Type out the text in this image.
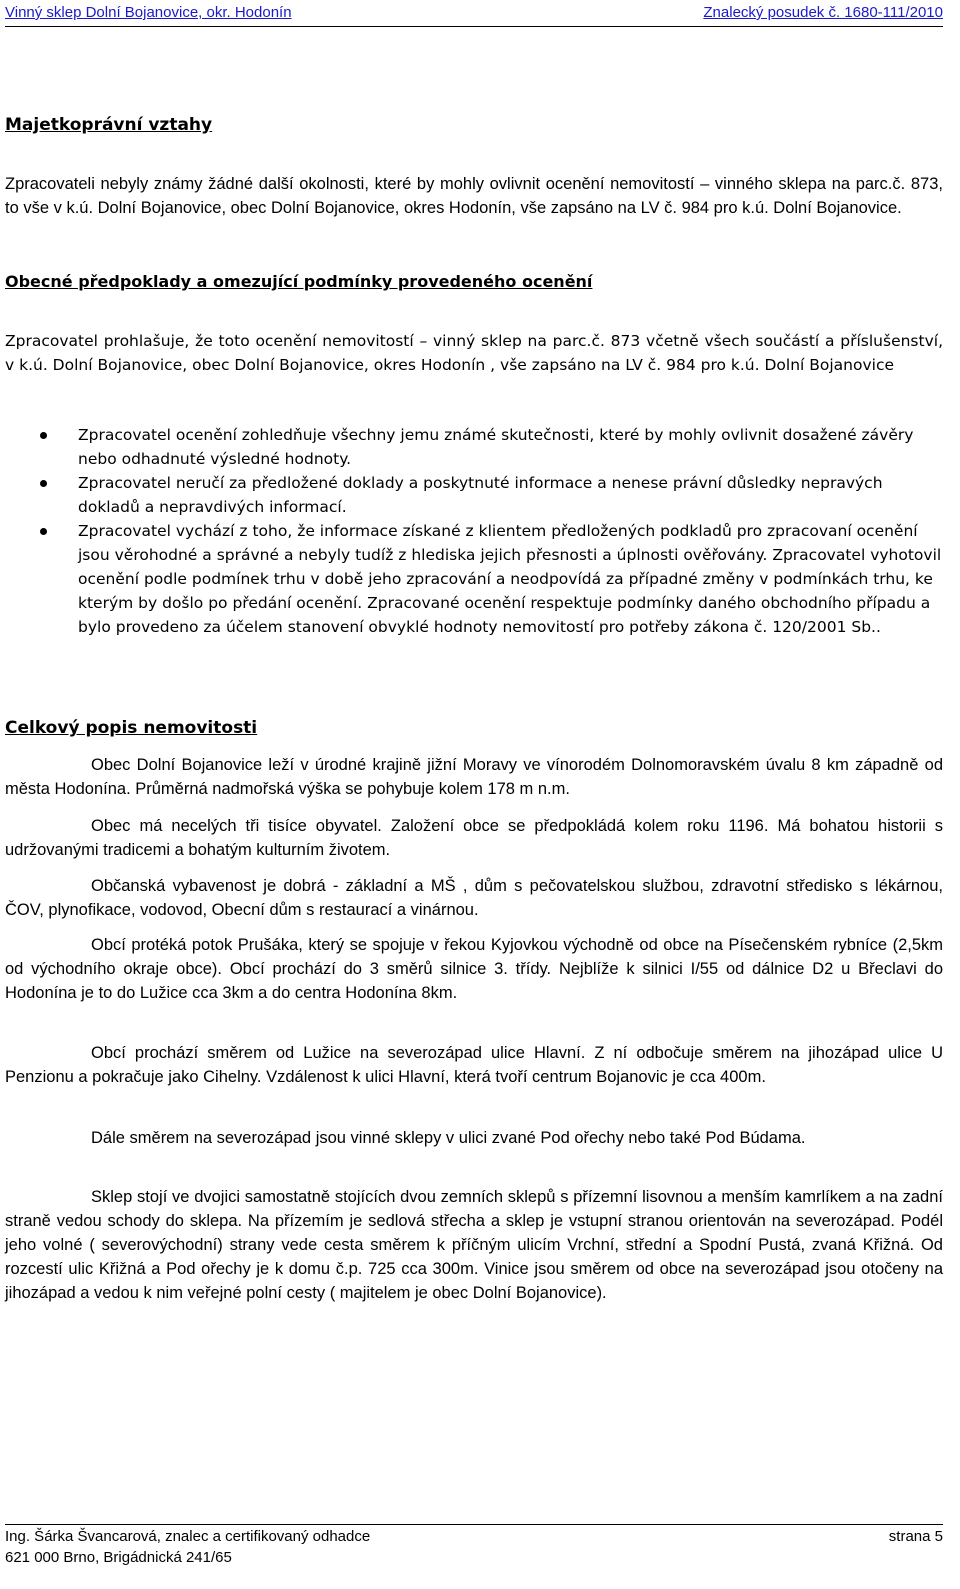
Vinný sklep Dolní Bojanovice, okr. Hodonín	Znalecký posudek č. 1680-111/2010
Majetkoprávní vztahy
Zpracovateli nebyly známy žádné další okolnosti, které by mohly ovlivnit ocenění nemovitostí – vinného sklepa na parc.č. 873, to vše v k.ú. Dolní Bojanovice, obec Dolní Bojanovice, okres Hodonín, vše zapsáno na LV č. 984 pro k.ú. Dolní Bojanovice.
Obecné předpoklady a omezující podmínky provedeného ocenění
Zpracovatel prohlašuje, že toto ocenění nemovitostí – vinný sklep na parc.č. 873 včetně všech součástí a příslušenství, v k.ú. Dolní Bojanovice, obec Dolní Bojanovice, okres Hodonín , vše zapsáno na LV č. 984 pro k.ú. Dolní Bojanovice
Zpracovatel ocenění zohledňuje všechny jemu známé skutečnosti, které by mohly ovlivnit dosažené závěry nebo odhadnuté výsledné hodnoty.
Zpracovatel neručí za předložené doklady a poskytnuté informace a nenese právní důsledky nepravých dokladů a nepravdivých informací.
Zpracovatel vychází z toho, že informace získané z klientem předložených podkladů pro zpracovaní ocenění jsou věrohodné a správné a nebyly tudíž z hlediska jejich přesnosti a úplnosti ověřovány. Zpracovatel vyhotovil ocenění podle podmínek trhu v době jeho zpracování a neodpovídá za případné změny v podmínkách trhu, ke kterým by došlo po předání ocenění. Zpracované ocenění respektuje podmínky daného obchodního případu a bylo provedeno za účelem stanovení obvyklé hodnoty nemovitostí pro potřeby zákona č. 120/2001 Sb..
Celkový popis nemovitosti
Obec Dolní Bojanovice leží v úrodné krajině jižní Moravy ve vínorodém Dolnomoravském úvalu 8 km západně od města Hodonína. Průměrná nadmořská výška se pohybuje kolem 178 m n.m.
Obec má necelých tři tisíce obyvatel. Založení obce se předpokládá kolem roku 1196. Má bohatou historii s udržovanými tradicemi a bohatým kulturním životem.
Občanská vybavenost je dobrá - základní a MŠ , dům s pečovatelskou službou, zdravotní středisko s lékárnou, ČOV, plynofikace, vodovod, Obecní dům s restaurací a vinárnou.
Obcí protéká potok Prušáka, který se spojuje v řekou Kyjovkou východně od obce na Písečenském rybníce (2,5km od východního okraje obce). Obcí prochází do 3 směrů silnice 3. třídy. Nejblíže k silnici I/55 od dálnice D2 u Břeclavi do Hodonína je to do Lužice cca 3km a do centra Hodonína 8km.
Obcí prochází směrem od Lužice na severozápad ulice Hlavní. Z ní odbočuje směrem na jihozápad ulice U Penzionu a pokračuje jako Cihelny. Vzdálenost k ulici Hlavní, která tvoří centrum Bojanovic je cca 400m.
Dále směrem na severozápad jsou vinné sklepy v ulici zvané Pod ořechy nebo také Pod Búdama.
Sklep stojí ve dvojici samostatně stojících dvou zemních sklepů s přízemní lisovnou a menším kamrlíkem a na zadní straně vedou schody do sklepa. Na přízemím je sedlová střecha a sklep je vstupní stranou orientován na severozápad. Podél jeho volné ( severovýchodní) strany vede cesta směrem k příčným ulicím Vrchní, střední a Spodní Pustá, zvaná Křižná. Od rozcestí ulic Křižná a Pod ořechy je k domu č.p. 725 cca 300m. Vinice jsou směrem od obce na severozápad jsou otočeny na jihozápad a vedou k nim veřejné polní cesty ( majitelem je obec Dolní Bojanovice).
Ing. Šárka Švancarová, znalec a certifikovaný odhadce
621 000 Brno, Brigádnická 241/65
strana 5
